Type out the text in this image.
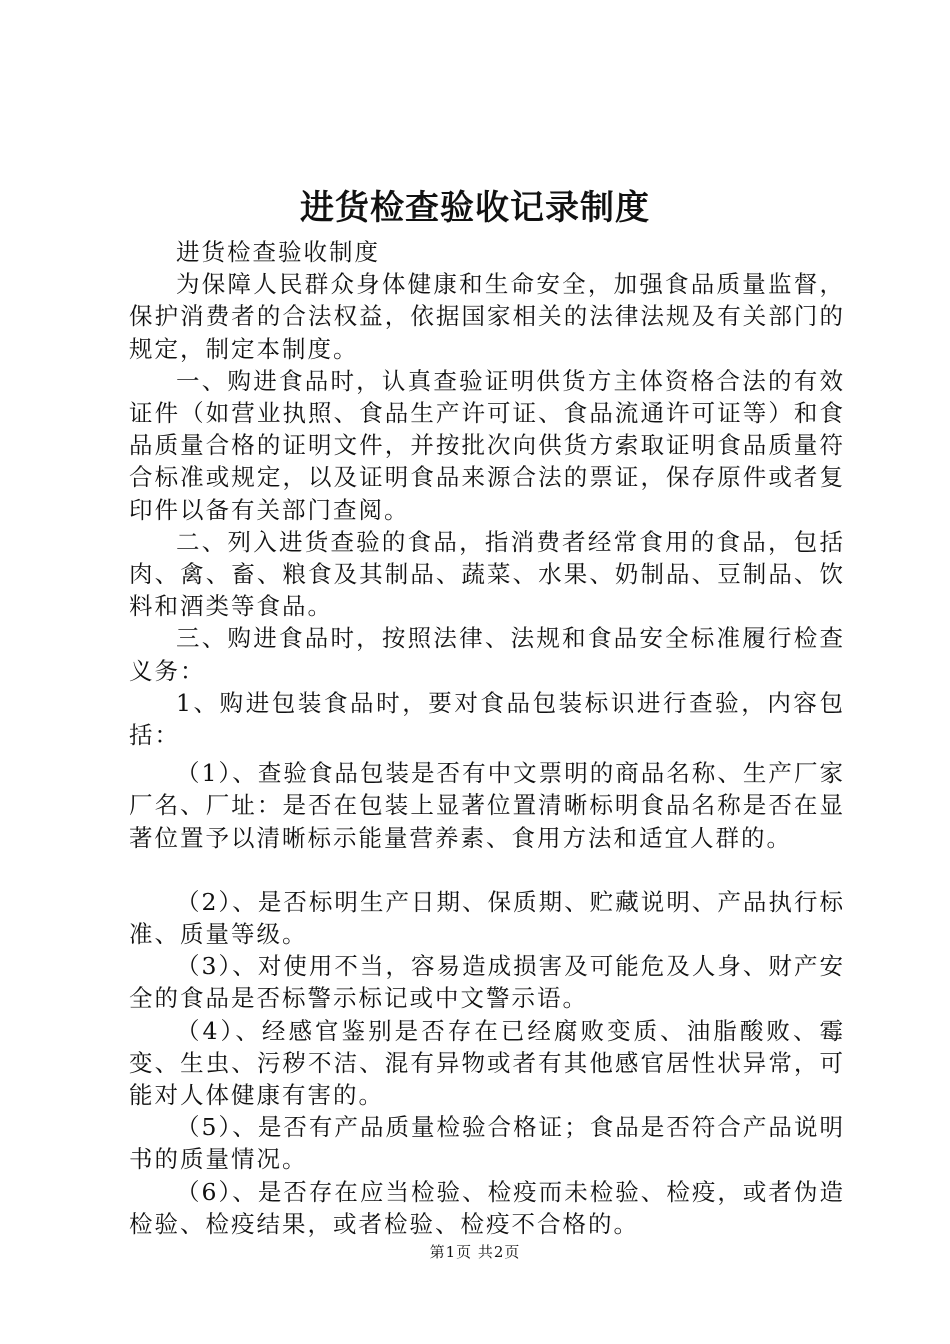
进货检查验收记录制度

进货检查验收制度

为保障人民群众身体健康和生命安全，加强食品质量监督，保护消费者的合法权益，依据国家相关的法律法规及有关部门的规定，制定本制度。

一、购进食品时，认真查验证明供货方主体资格合法的有效证件（如营业执照、食品生产许可证、食品流通许可证等）和食品质量合格的证明文件，并按批次向供货方索取证明食品质量符合标准或规定，以及证明食品来源合法的票证，保存原件或者复印件以备有关部门查阅。

二、列入进货查验的食品，指消费者经常食用的食品，包括肉、禽、畜、粮食及其制品、蔬菜、水果、奶制品、豆制品、饮料和酒类等食品。

三、购进食品时，按照法律、法规和食品安全标准履行检查义务：

1、购进包装食品时，要对食品包装标识进行查验，内容包括：

（1）、查验食品包装是否有中文票明的商品名称、生产厂家厂名、厂址：是否在包装上显著位置清晰标明食品名称是否在显著位置予以清晰标示能量营养素、食用方法和适宜人群的。

（2）、是否标明生产日期、保质期、贮藏说明、产品执行标准、质量等级。

（3）、对使用不当，容易造成损害及可能危及人身、财产安全的食品是否标警示标记或中文警示语。

（4）、经感官鉴别是否存在已经腐败变质、油脂酸败、霉变、生虫、污秽不洁、混有异物或者有其他感官居性状异常，可能对人体健康有害的。

（5）、是否有产品质量检验合格证；食品是否符合产品说明书的质量情况。

（6）、是否存在应当检验、检疫而未检验、检疫，或者伪造检验、检疫结果，或者检验、检疫不合格的。

第1页 共2页
